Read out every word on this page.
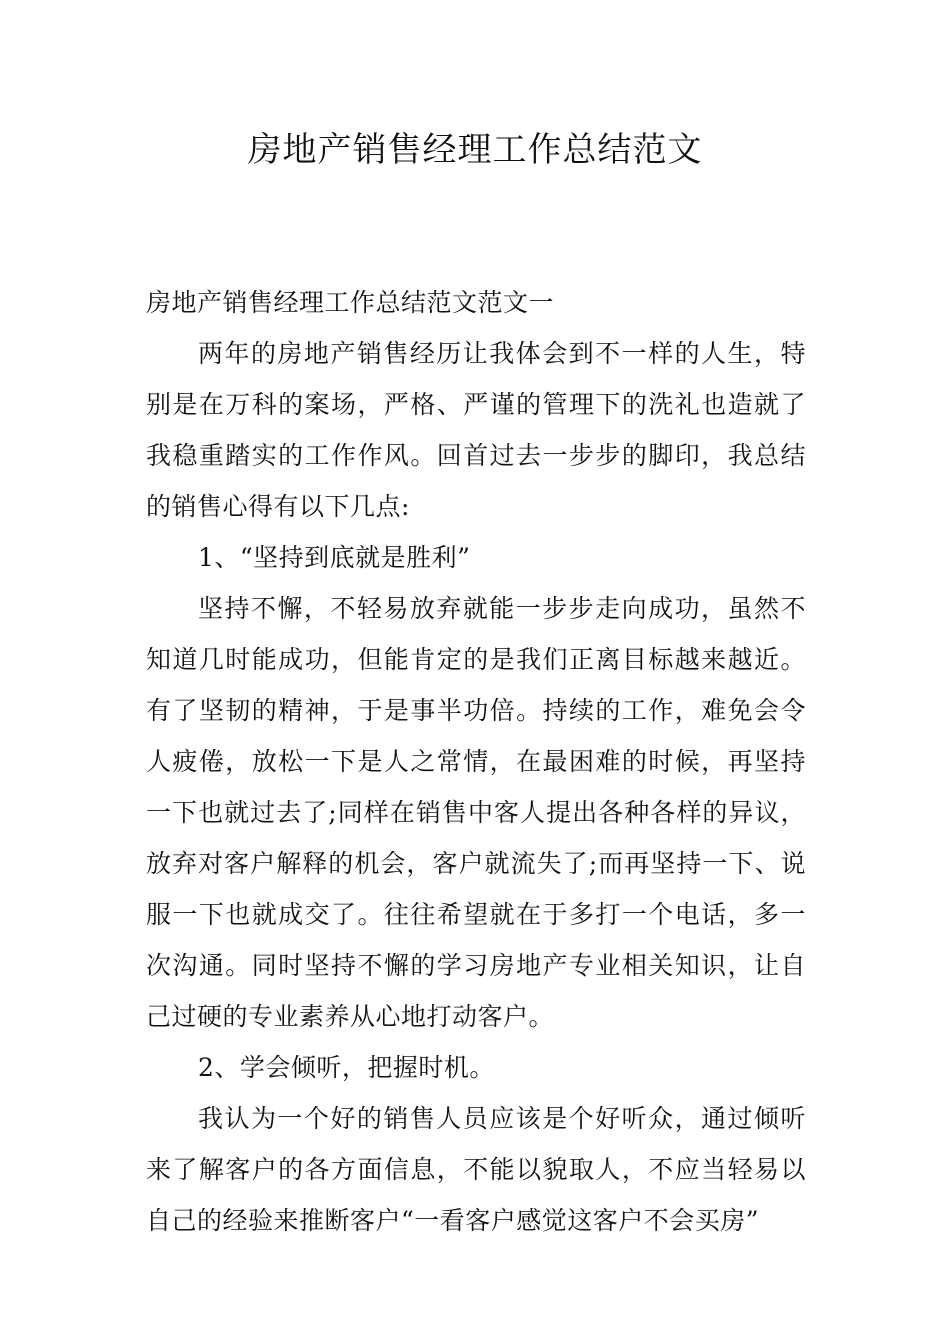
房地产销售经理工作总结范文

房地产销售经理工作总结范文范文一

两年的房地产销售经历让我体会到不一样的人生，特别是在万科的案场，严格、严谨的管理下的洗礼也造就了我稳重踏实的工作作风。回首过去一步步的脚印，我总结的销售心得有以下几点:

1、“坚持到底就是胜利”

坚持不懈，不轻易放弃就能一步步走向成功，虽然不知道几时能成功，但能肯定的是我们正离目标越来越近。有了坚韧的精神，于是事半功倍。持续的工作，难免会令人疲倦，放松一下是人之常情，在最困难的时候，再坚持一下也就过去了;同样在销售中客人提出各种各样的异议，放弃对客户解释的机会，客户就流失了;而再坚持一下、说服一下也就成交了。往往希望就在于多打一个电话，多一次沟通。同时坚持不懈的学习房地产专业相关知识，让自己过硬的专业素养从心地打动客户。

2、学会倾听，把握时机。

我认为一个好的销售人员应该是个好听众，通过倾听来了解客户的各方面信息，不能以貌取人，不应当轻易以自己的经验来推断客户“一看客户感觉这客户不会买房”
